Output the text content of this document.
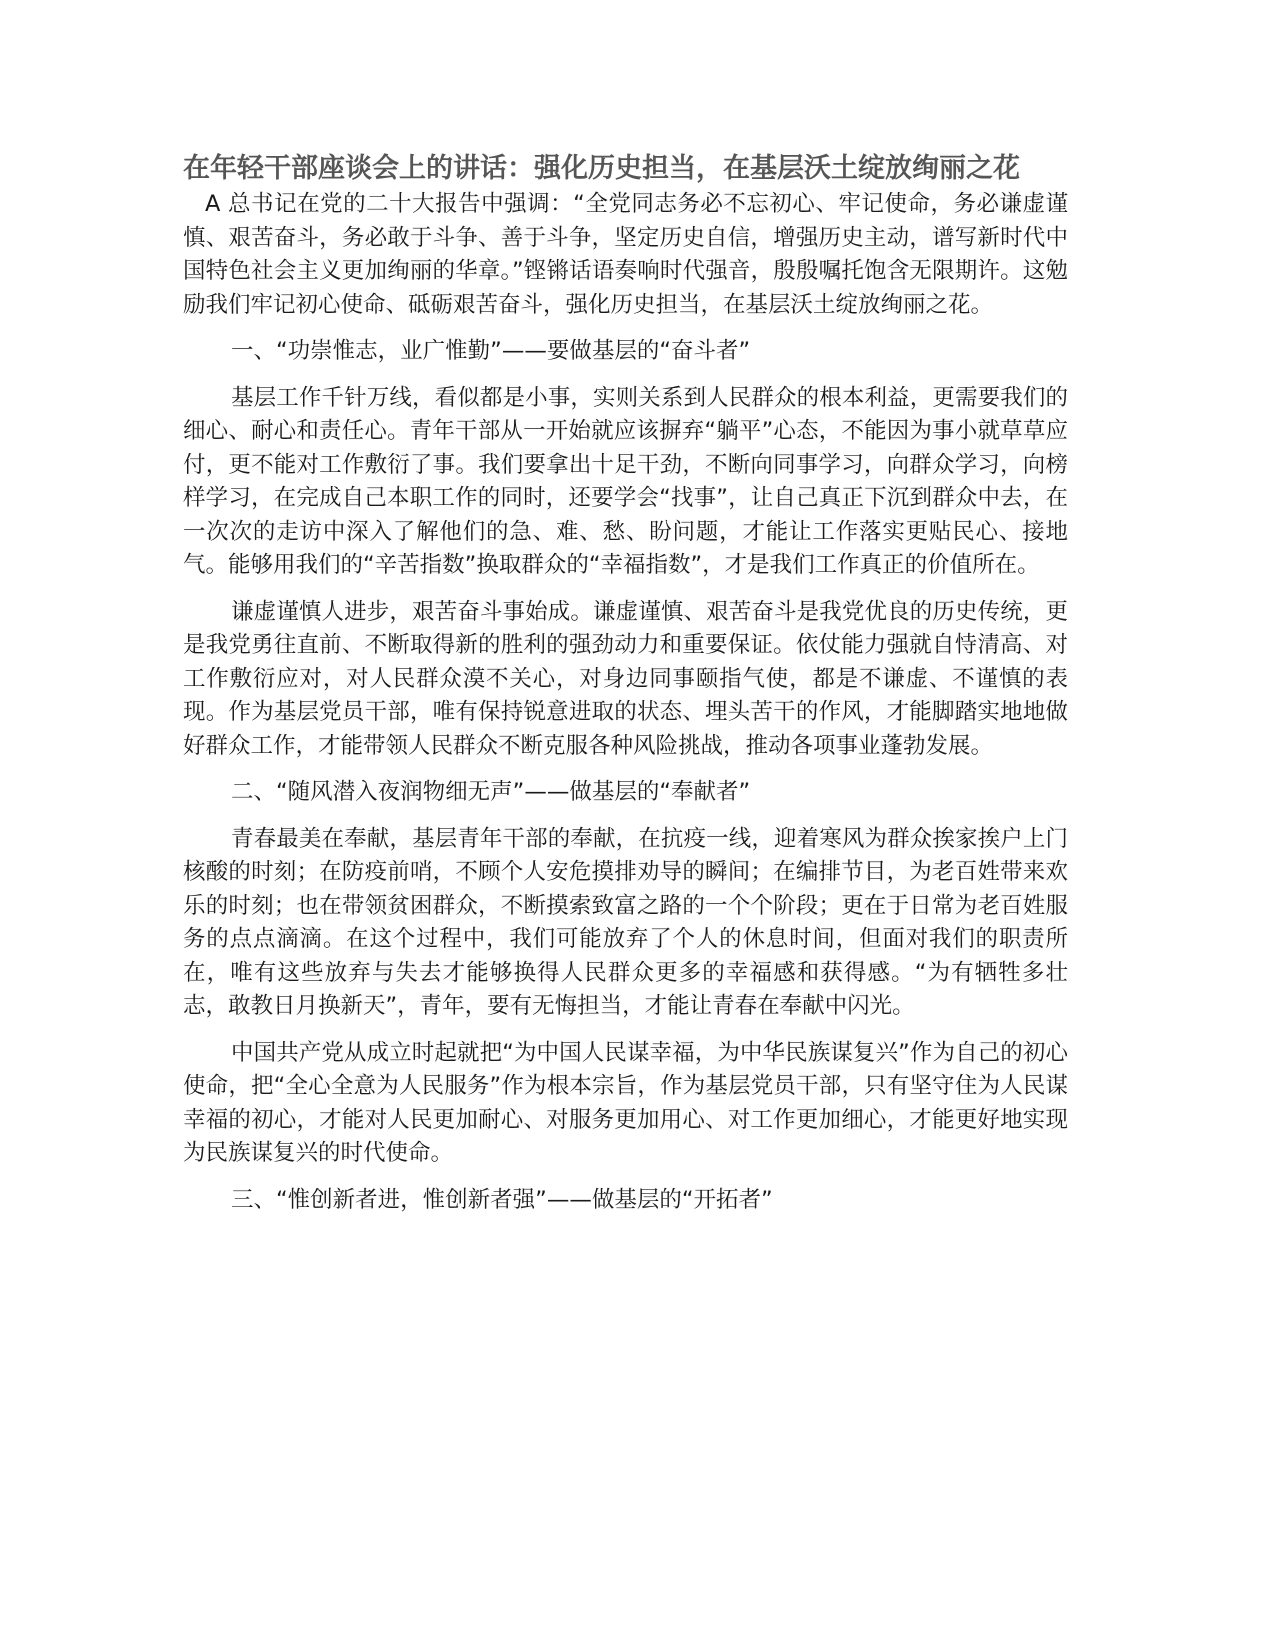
在年轻干部座谈会上的讲话：强化历史担当，在基层沃土绽放绚丽之花

A 总书记在党的二十大报告中强调：“全党同志务必不忘初心、牢记使命，务必谦虚谨慎、艰苦奋斗，务必敢于斗争、善于斗争，坚定历史自信，增强历史主动，谱写新时代中国特色社会主义更加绚丽的华章。”铿锵话语奏响时代强音，殷殷嘱托饱含无限期许。这勉励我们牢记初心使命、砥砺艰苦奋斗，强化历史担当，在基层沃土绽放绚丽之花。

一、“功崇惟志，业广惟勤”——要做基层的“奋斗者”

基层工作千针万线，看似都是小事，实则关系到人民群众的根本利益，更需要我们的细心、耐心和责任心。青年干部从一开始就应该摒弃“躺平”心态，不能因为事小就草草应付，更不能对工作敷衍了事。我们要拿出十足干劲，不断向同事学习，向群众学习，向榜样学习，在完成自己本职工作的同时，还要学会“找事”，让自己真正下沉到群众中去，在一次次的走访中深入了解他们的急、难、愁、盼问题，才能让工作落实更贴民心、接地气。能够用我们的“辛苦指数”换取群众的“幸福指数”，才是我们工作真正的价值所在。

谦虚谨慎人进步，艰苦奋斗事始成。谦虚谨慎、艰苦奋斗是我党优良的历史传统，更是我党勇往直前、不断取得新的胜利的强劲动力和重要保证。依仗能力强就自恃清高、对工作敷衍应对，对人民群众漠不关心，对身边同事颐指气使，都是不谦虚、不谨慎的表现。作为基层党员干部，唯有保持锐意进取的状态、埋头苦干的作风，才能脚踏实地地做好群众工作，才能带领人民群众不断克服各种风险挑战，推动各项事业蓬勃发展。

二、“随风潜入夜润物细无声”——做基层的“奉献者”

青春最美在奉献，基层青年干部的奉献，在抗疫一线，迎着寒风为群众挨家挨户上门核酸的时刻；在防疫前哨，不顾个人安危摸排劝导的瞬间；在编排节目，为老百姓带来欢乐的时刻；也在带领贫困群众，不断摸索致富之路的一个个阶段；更在于日常为老百姓服务的点点滴滴。在这个过程中，我们可能放弃了个人的休息时间，但面对我们的职责所在，唯有这些放弃与失去才能够换得人民群众更多的幸福感和获得感。“为有牺牲多壮志，敢教日月换新天”，青年，要有无悔担当，才能让青春在奉献中闪光。

中国共产党从成立时起就把“为中国人民谋幸福，为中华民族谋复兴”作为自己的初心使命，把“全心全意为人民服务”作为根本宗旨，作为基层党员干部，只有坚守住为人民谋幸福的初心，才能对人民更加耐心、对服务更加用心、对工作更加细心，才能更好地实现为民族谋复兴的时代使命。

三、“惟创新者进，惟创新者强”——做基层的“开拓者”
